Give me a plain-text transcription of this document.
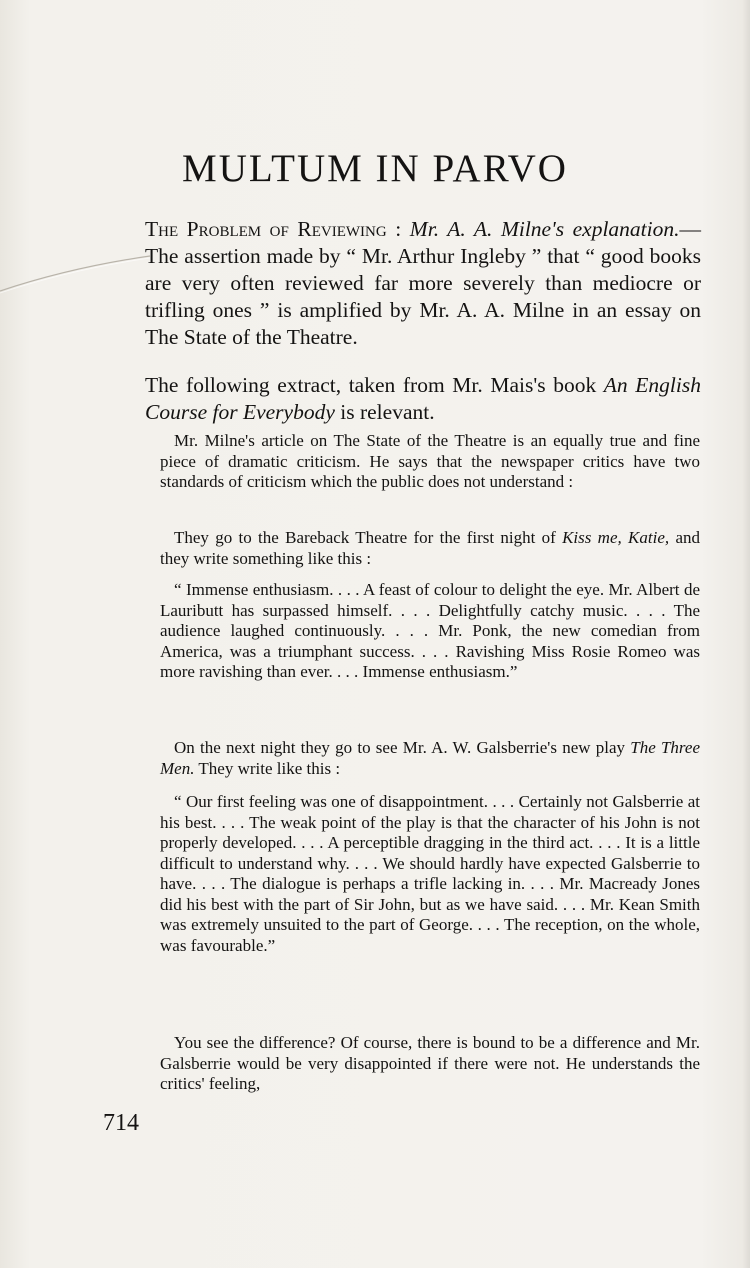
MULTUM IN PARVO

The Problem of Reviewing : Mr. A. A. Milne's explanation.—The assertion made by “ Mr. Arthur Ingleby ” that “ good books are very often reviewed far more severely than mediocre or trifling ones ” is amplified by Mr. A. A. Milne in an essay on The State of the Theatre.

The following extract, taken from Mr. Mais's book An English Course for Everybody is relevant.

Mr. Milne's article on The State of the Theatre is an equally true and fine piece of dramatic criticism. He says that the newspaper critics have two standards of criticism which the public does not understand :

They go to the Bareback Theatre for the first night of Kiss me, Katie, and they write something like this :

“ Immense enthusiasm. . . . A feast of colour to delight the eye. Mr. Albert de Lauributt has surpassed himself. . . . Delightfully catchy music. . . . The audience laughed continuously. . . . Mr. Ponk, the new comedian from America, was a triumphant success. . . . Ravishing Miss Rosie Romeo was more ravishing than ever. . . . Immense enthusiasm.”

On the next night they go to see Mr. A. W. Galsberrie's new play The Three Men. They write like this :

“ Our first feeling was one of disappointment. . . . Certainly not Galsberrie at his best. . . . The weak point of the play is that the character of his John is not properly developed. . . . A perceptible dragging in the third act. . . . It is a little difficult to understand why. . . . We should hardly have expected Galsberrie to have. . . . The dialogue is perhaps a trifle lacking in. . . . Mr. Macready Jones did his best with the part of Sir John, but as we have said. . . . Mr. Kean Smith was extremely unsuited to the part of George. . . . The reception, on the whole, was favourable.”

You see the difference? Of course, there is bound to be a difference and Mr. Galsberrie would be very disappointed if there were not. He understands the critics' feeling,

714
